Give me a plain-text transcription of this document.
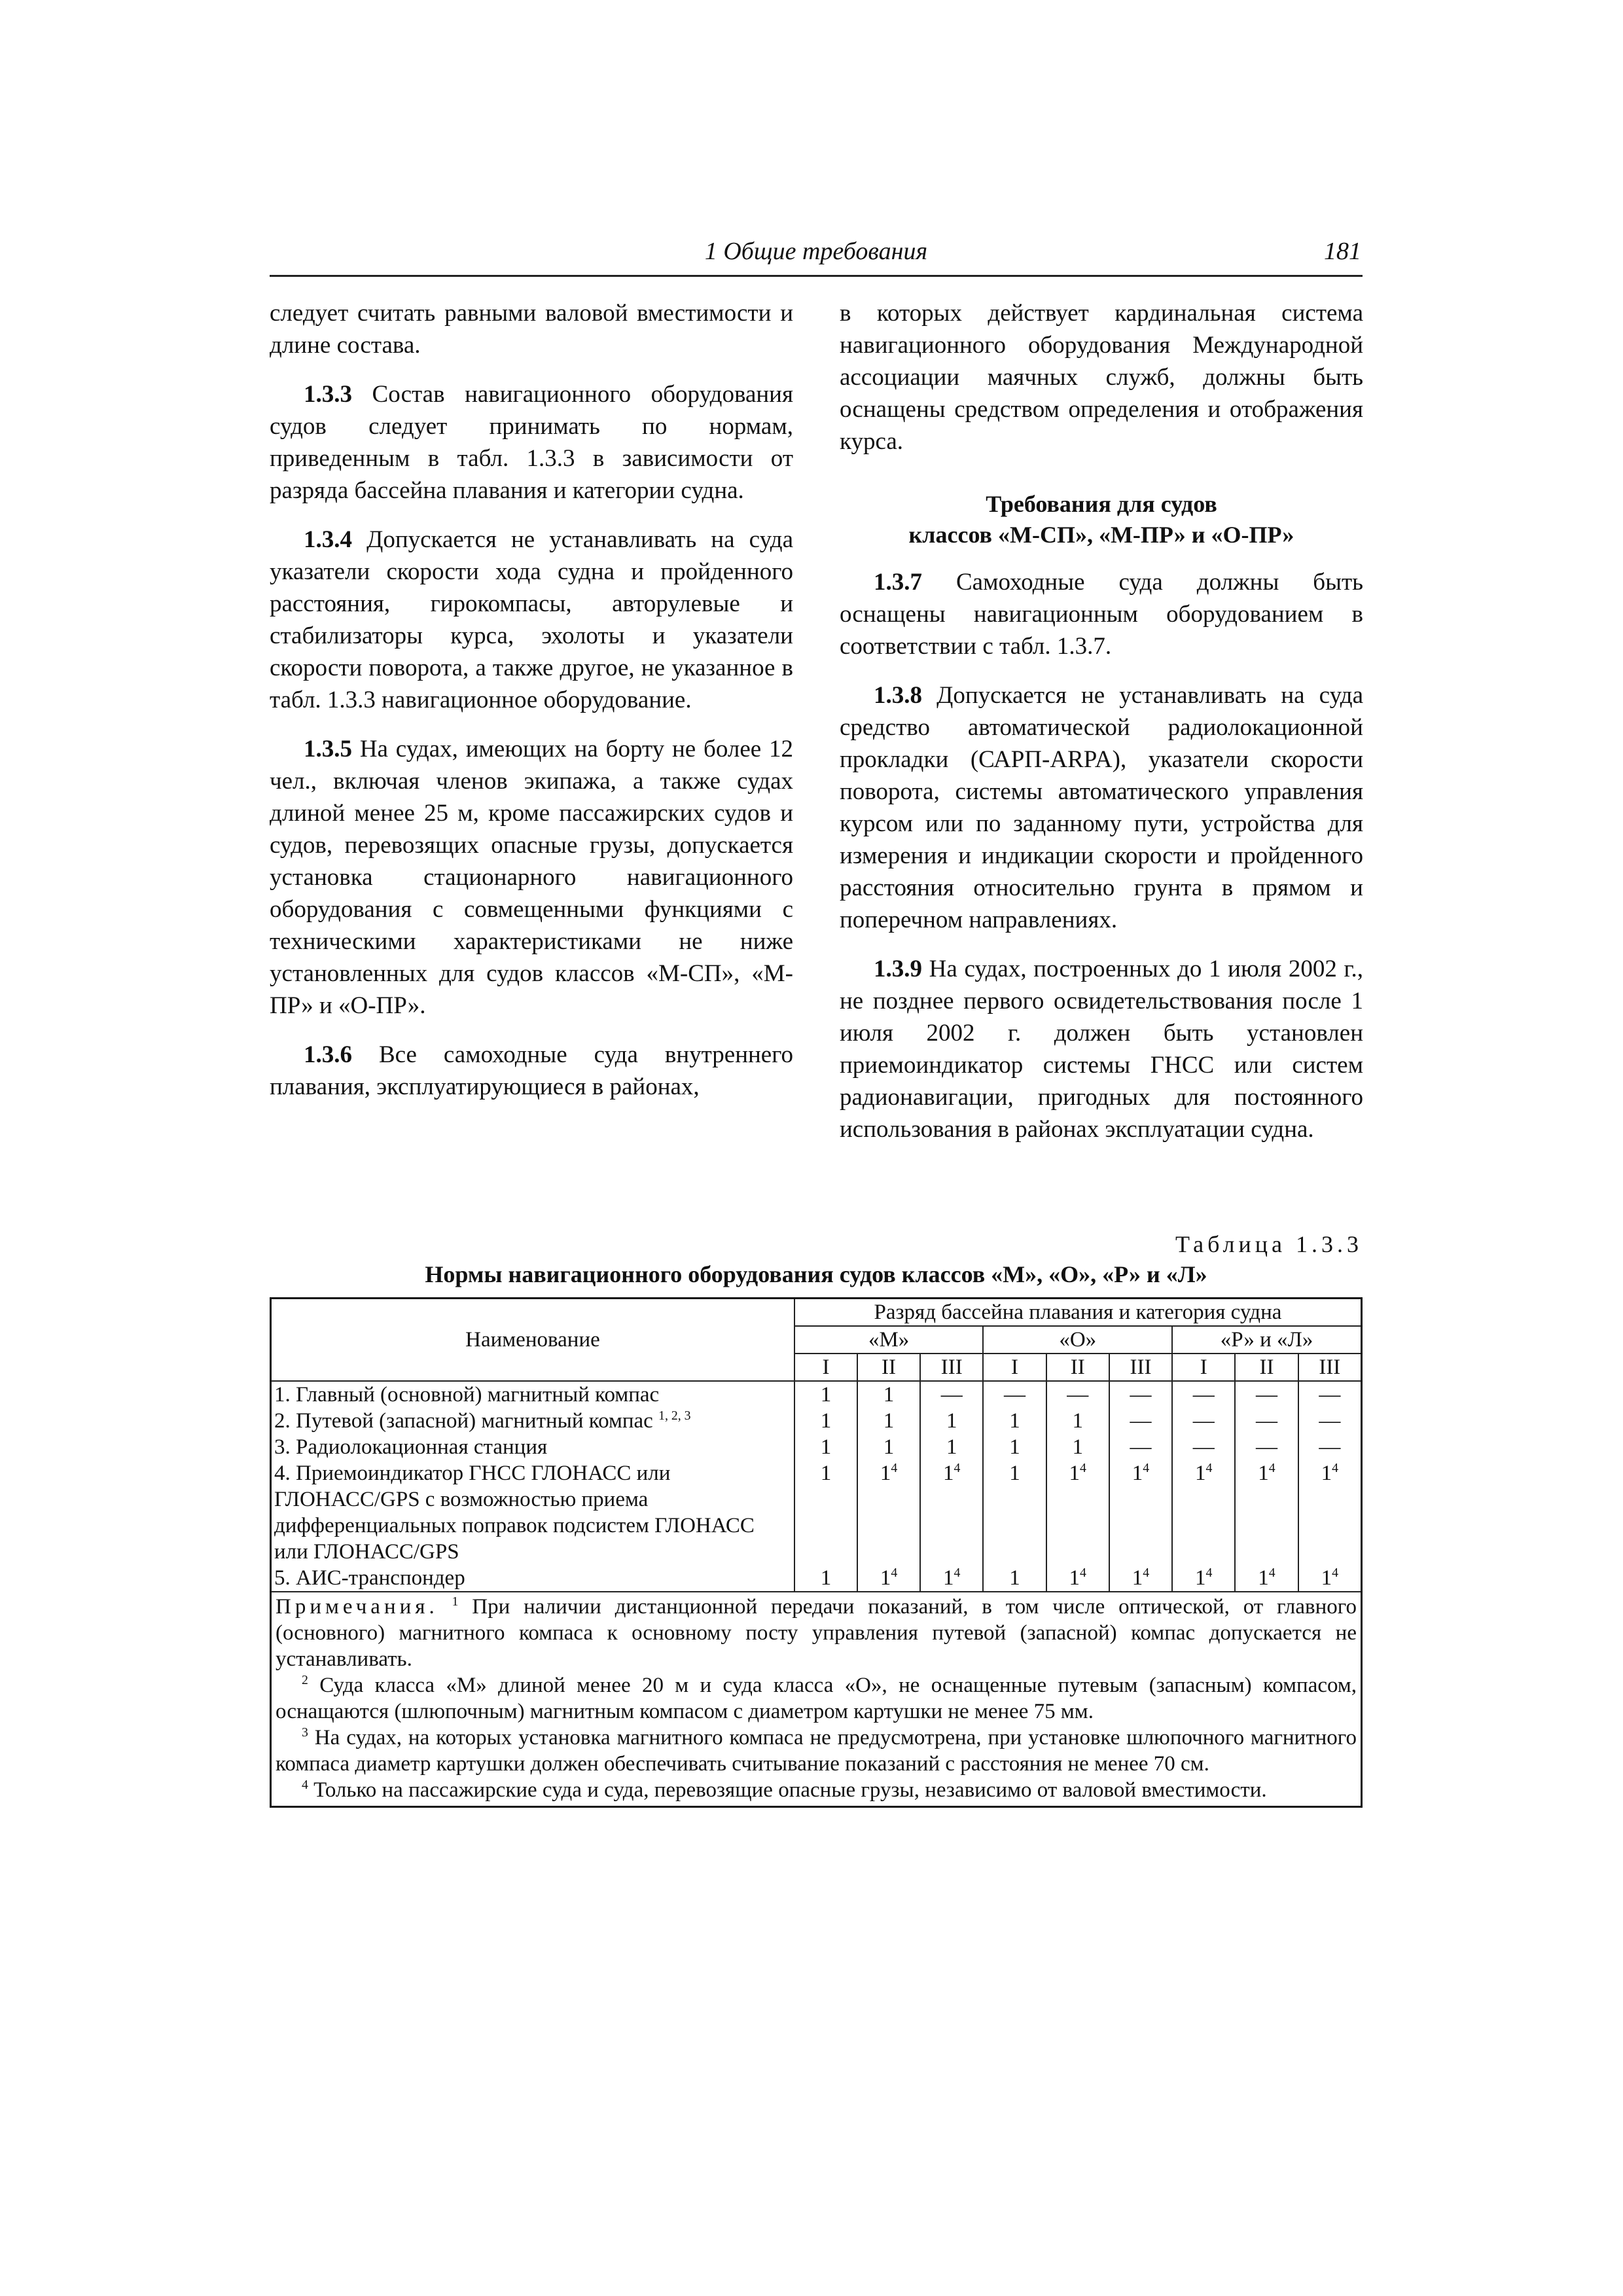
1 Общие требования	181

следует считать равными валовой вместимости и длине состава.

1.3.3 Состав навигационного оборудования судов следует принимать по нормам, приведенным в табл. 1.3.3 в зависимости от разряда бассейна плавания и категории судна.

1.3.4 Допускается не устанавливать на суда указатели скорости хода судна и пройденного расстояния, гирокомпасы, авторулевые и стабилизаторы курса, эхолоты и указатели скорости поворота, а также другое, не указанное в табл. 1.3.3 навигационное оборудование.

1.3.5 На судах, имеющих на борту не более 12 чел., включая членов экипажа, а также судах длиной менее 25 м, кроме пассажирских судов и судов, перевозящих опасные грузы, допускается установка стационарного навигационного оборудования с совмещенными функциями с техническими характеристиками не ниже установленных для судов классов «М-СП», «М-ПР» и «О-ПР».

1.3.6 Все самоходные суда внутреннего плавания, эксплуатирующиеся в районах,

в которых действует кардинальная система навигационного оборудования Международной ассоциации маячных служб, должны быть оснащены средством определения и отображения курса.

Требования для судов
классов «М-СП», «М-ПР» и «О-ПР»

1.3.7 Самоходные суда должны быть оснащены навигационным оборудованием в соответствии с табл. 1.3.7.

1.3.8 Допускается не устанавливать на суда средство автоматической радиолокационной прокладки (САРП-ARPA), указатели скорости поворота, системы автоматического управления курсом или по заданному пути, устройства для измерения и индикации скорости и пройденного расстояния относительно грунта в прямом и поперечном направлениях.

1.3.9 На судах, построенных до 1 июля 2002 г., не позднее первого освидетельствования после 1 июля 2002 г. должен быть установлен приемоиндикатор системы ГНСС или систем радионавигации, пригодных для постоянного использования в районах эксплуатации судна.

Таблица 1.3.3
Нормы навигационного оборудования судов классов «М», «О», «Р» и «Л»
Наименование	Разряд бассейна плавания и категория судна								
	«М»			«О»			«Р» и «Л»		
	I	II	III	I	II	III	I	II	III
1. Главный (основной) магнитный компас	1	1	—	—	—	—	—	—	—
2. Путевой (запасной) магнитный компас $^{1, 2, 3}$	1	1	1	1	1	—	—	—	—
3. Радиолокационная станция	1	1	1	1	1	—	—	—	—
4. Приемоиндикатор ГНСС ГЛОНАСС или ГЛОНАСС/GPS с возможностью приема дифференциальных поправок подсистем ГЛОНАСС или ГЛОНАСС/GPS	1	$1^4$	$1^4$	1	$1^4$	$1^4$	$1^4$	$1^4$	$1^4$
5. АИС-транспондер	1	$1^4$	$1^4$	1	$1^4$	$1^4$	$1^4$	$1^4$	$1^4$

Примечания. $^1$ При наличии дистанционной передачи показаний, в том числе оптической, от главного (основного) магнитного компаса к основному посту управления путевой (запасной) компас допускается не устанавливать.

$^2$ Суда класса «М» длиной менее 20 м и суда класса «О», не оснащенные путевым (запасным) компасом, оснащаются (шлюпочным) магнитным компасом с диаметром картушки не менее 75 мм.

$^3$ На судах, на которых установка магнитного компаса не предусмотрена, при установке шлюпочного магнитного компаса диаметр картушки должен обеспечивать считывание показаний с расстояния не менее 70 см.

$^4$ Только на пассажирские суда и суда, перевозящие опасные грузы, независимо от валовой вместимости.									
